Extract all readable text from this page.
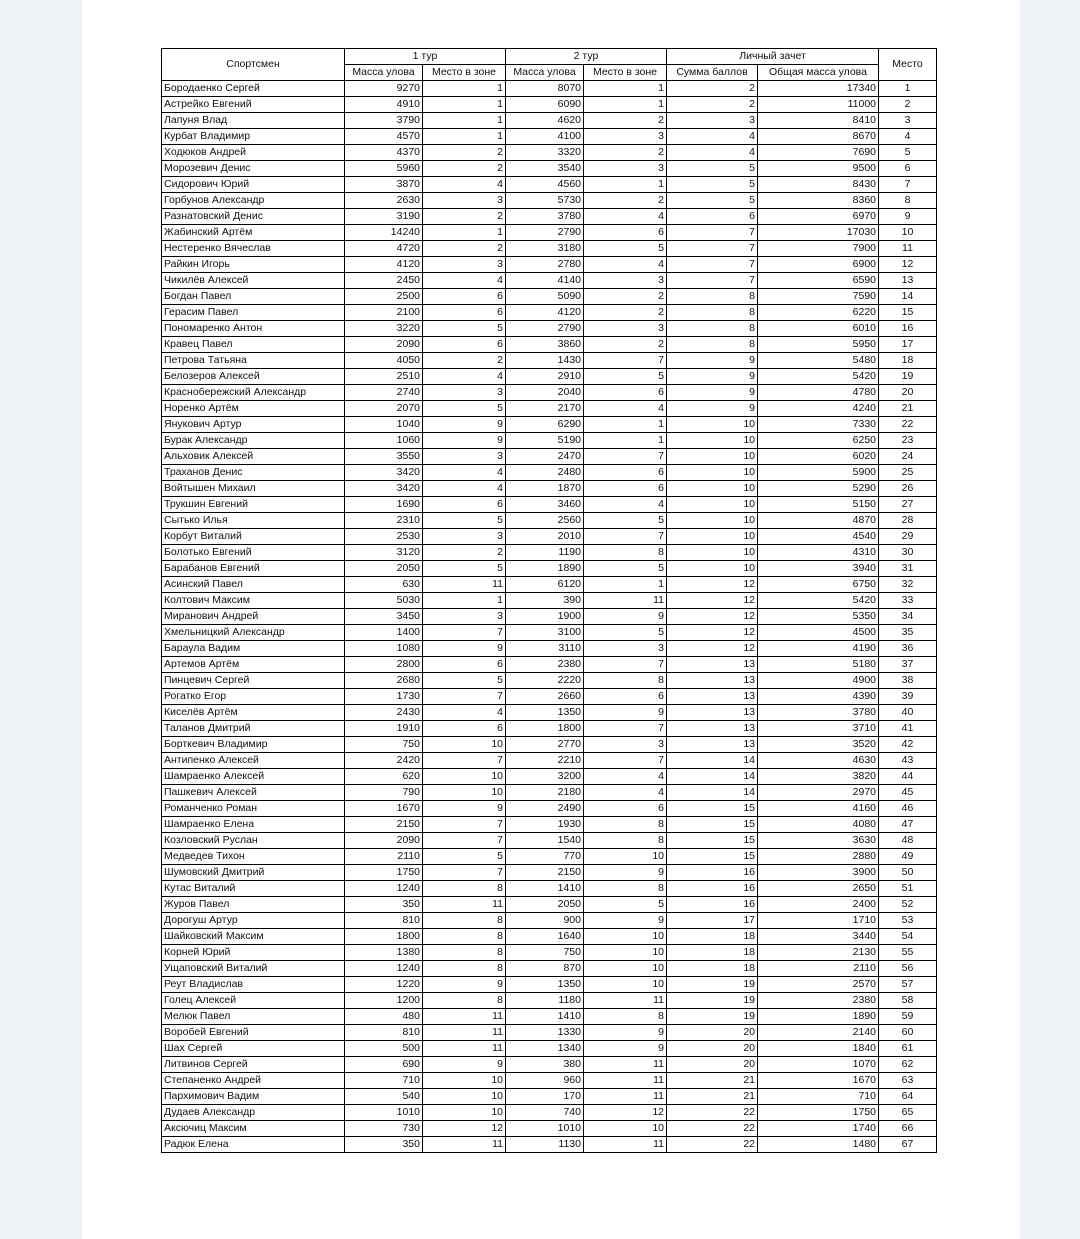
Спортсмен	1 тур		2 тур		Личный зачет		Место
	Масса улова	Место в зоне	Масса улова	Место в зоне	Сумма баллов	Общая масса улова	
Бородаенко Сергей	9270	1	8070	1	2	17340	1
Астрейко Евгений	4910	1	6090	1	2	11000	2
Лапуня Влад	3790	1	4620	2	3	8410	3
Курбат Владимир	4570	1	4100	3	4	8670	4
Ходюков Андрей	4370	2	3320	2	4	7690	5
Морозевич Денис	5960	2	3540	3	5	9500	6
Сидорович Юрий	3870	4	4560	1	5	8430	7
Горбунов Александр	2630	3	5730	2	5	8360	8
Разнатовский Денис	3190	2	3780	4	6	6970	9
Жабинский Артём	14240	1	2790	6	7	17030	10
Нестеренко Вячеслав	4720	2	3180	5	7	7900	11
Райкин Игорь	4120	3	2780	4	7	6900	12
Чикилёв Алексей	2450	4	4140	3	7	6590	13
Богдан Павел	2500	6	5090	2	8	7590	14
Герасим Павел	2100	6	4120	2	8	6220	15
Пономаренко Антон	3220	5	2790	3	8	6010	16
Кравец Павел	2090	6	3860	2	8	5950	17
Петрова Татьяна	4050	2	1430	7	9	5480	18
Белозеров Алексей	2510	4	2910	5	9	5420	19
Красноберeжский Александр	2740	3	2040	6	9	4780	20
Норенко Артём	2070	5	2170	4	9	4240	21
Янукович Артур	1040	9	6290	1	10	7330	22
Бурак Александр	1060	9	5190	1	10	6250	23
Альховик Алексей	3550	3	2470	7	10	6020	24
Траханов Денис	3420	4	2480	6	10	5900	25
Войтышен Михаил	3420	4	1870	6	10	5290	26
Трукшин Евгений	1690	6	3460	4	10	5150	27
Сытько Илья	2310	5	2560	5	10	4870	28
Корбут Виталий	2530	3	2010	7	10	4540	29
Болотько Евгений	3120	2	1190	8	10	4310	30
Барабанов Евгений	2050	5	1890	5	10	3940	31
Асинский Павел	630	11	6120	1	12	6750	32
Колтович Максим	5030	1	390	11	12	5420	33
Миранович Андрей	3450	3	1900	9	12	5350	34
Хмельницкий Александр	1400	7	3100	5	12	4500	35
Бараула Вадим	1080	9	3110	3	12	4190	36
Артемов Артём	2800	6	2380	7	13	5180	37
Пинцевич Сергей	2680	5	2220	8	13	4900	38
Рогатко Егор	1730	7	2660	6	13	4390	39
Киселёв Артём	2430	4	1350	9	13	3780	40
Таланов Дмитрий	1910	6	1800	7	13	3710	41
Борткевич Владимир	750	10	2770	3	13	3520	42
Антипенко Алексей	2420	7	2210	7	14	4630	43
Шамраенко Алексей	620	10	3200	4	14	3820	44
Пашкевич Алексей	790	10	2180	4	14	2970	45
Романченко Роман	1670	9	2490	6	15	4160	46
Шамраенко Елена	2150	7	1930	8	15	4080	47
Козловский Руслан	2090	7	1540	8	15	3630	48
Медведев Тихон	2110	5	770	10	15	2880	49
Шумовский Дмитрий	1750	7	2150	9	16	3900	50
Кутас Виталий	1240	8	1410	8	16	2650	51
Журов Павел	350	11	2050	5	16	2400	52
Дорогуш Артур	810	8	900	9	17	1710	53
Шайковский Максим	1800	8	1640	10	18	3440	54
Корней Юрий	1380	8	750	10	18	2130	55
Ущаповский Виталий	1240	8	870	10	18	2110	56
Реут Владислав	1220	9	1350	10	19	2570	57
Голец Алексей	1200	8	1180	11	19	2380	58
Мелюк Павел	480	11	1410	8	19	1890	59
Воробей Евгений	810	11	1330	9	20	2140	60
Шах Сергей	500	11	1340	9	20	1840	61
Литвинов Сергей	690	9	380	11	20	1070	62
Степаненко Андрей	710	10	960	11	21	1670	63
Пархимович Вадим	540	10	170	11	21	710	64
Дудаев Александр	1010	10	740	12	22	1750	65
Аксючиц Максим	730	12	1010	10	22	1740	66
Радюк Елена	350	11	1130	11	22	1480	67
